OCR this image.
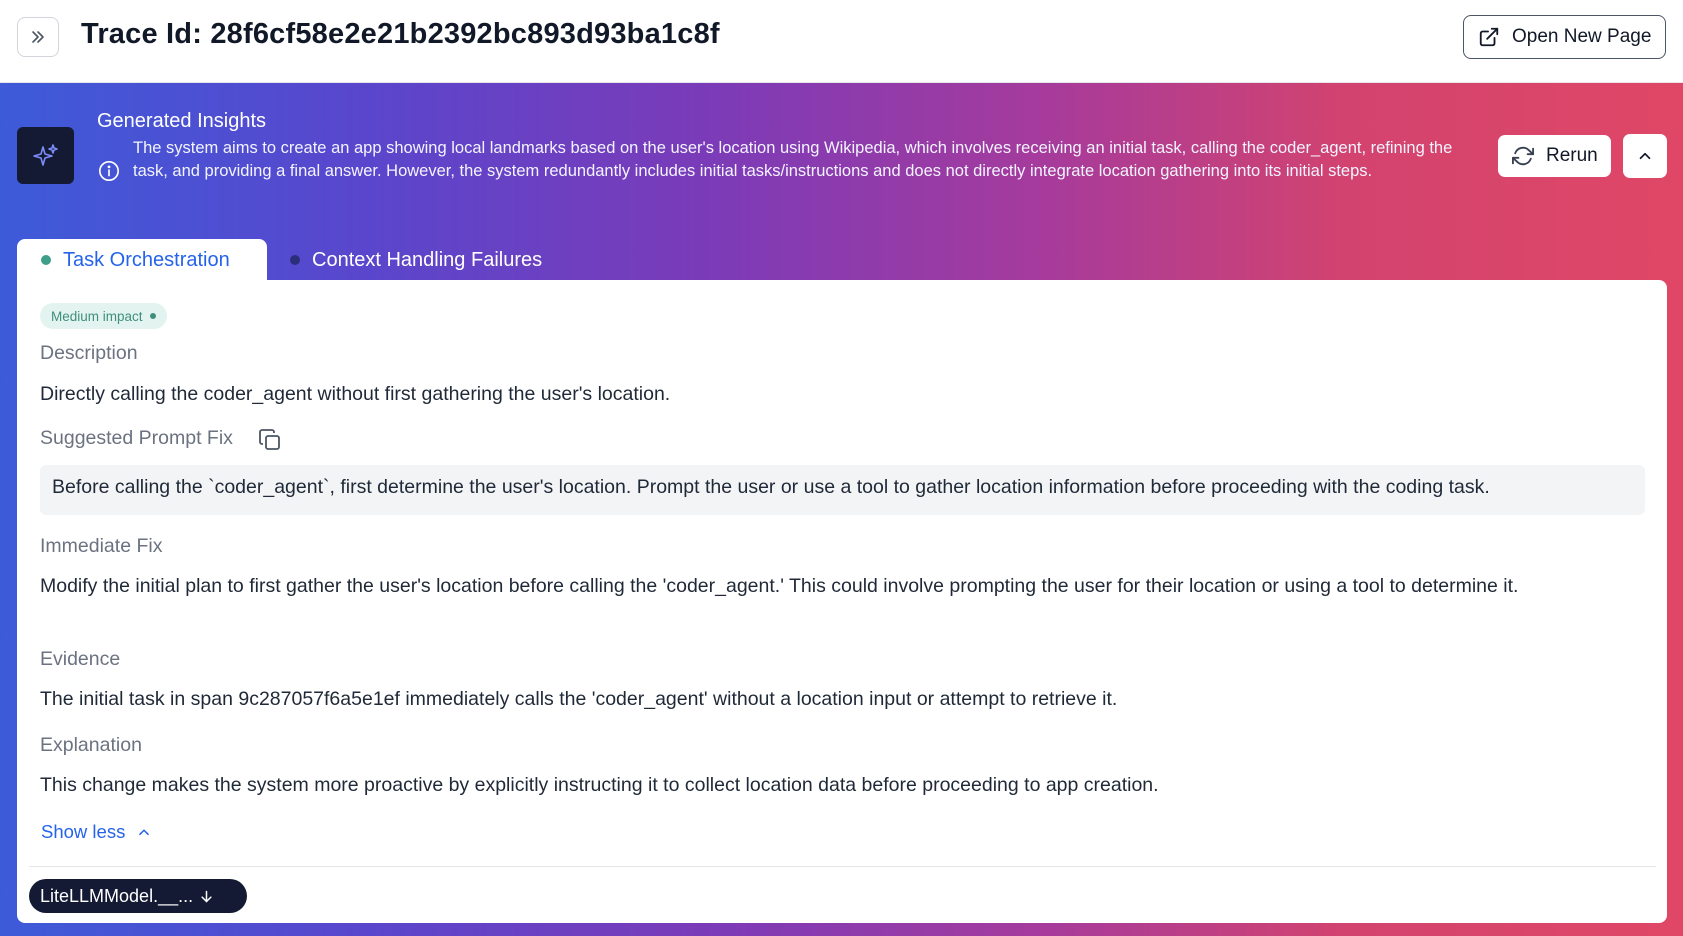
Trace Id: 28f6cf58e2e21b2392bc893d93ba1c8f	Open New Page
Generated Insights
The system aims to create an app showing local landmarks based on the user's location using Wikipedia, which involves receiving an initial task, calling the coder_agent, refining the task, and providing a final answer. However, the system redundantly includes initial tasks/instructions and does not directly integrate location gathering into its initial steps.
Rerun
Task Orchestration	Context Handling Failures
Medium impact
Description
Directly calling the coder_agent without first gathering the user's location.
Suggested Prompt Fix
Before calling the `coder_agent`, first determine the user's location. Prompt the user or use a tool to gather location information before proceeding with the coding task.
Immediate Fix
Modify the initial plan to first gather the user's location before calling the 'coder_agent.' This could involve prompting the user for their location or using a tool to determine it.
Evidence
The initial task in span 9c287057f6a5e1ef immediately calls the 'coder_agent' without a location input or attempt to retrieve it.
Explanation
This change makes the system more proactive by explicitly instructing it to collect location data before proceeding to app creation.
Show less
LiteLLMModel.__...
